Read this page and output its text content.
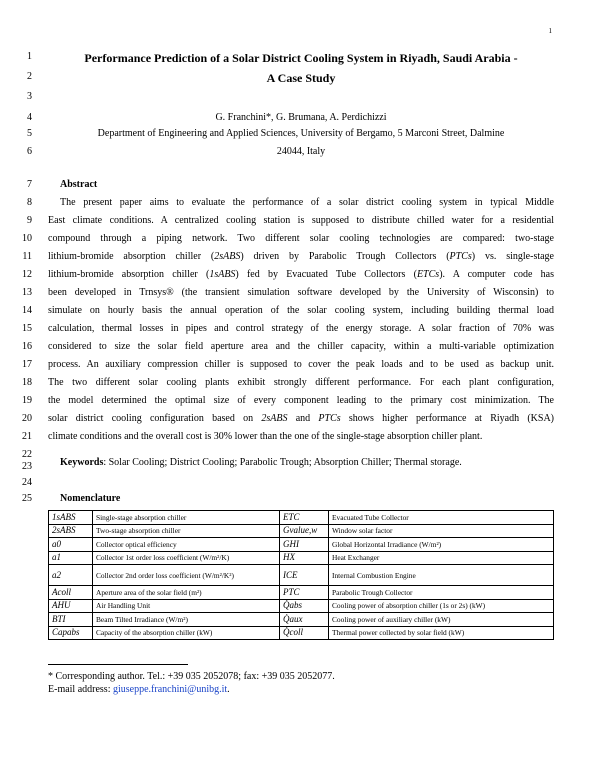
1
1
2
3
4
5
6
7
8
9
10
11
12
13
14
15
16
17
18
19
20
21
22
23
24
25
Performance Prediction of a Solar District Cooling System in Riyadh, Saudi Arabia -
A Case Study
G. Franchini*, G. Brumana, A. Perdichizzi
Department of Engineering and Applied Sciences, University of Bergamo, 5 Marconi Street, Dalmine
24044, Italy
Abstract
The present paper aims to evaluate the performance of a solar district cooling system in typical Middle
East climate conditions. A centralized cooling station is supposed to distribute chilled water for a residential
compound through a piping network. Two different solar cooling technologies are compared: two-stage
lithium-bromide absorption chiller (2sABS) driven by Parabolic Trough Collectors (PTCs) vs. single-stage
lithium-bromide absorption chiller (1sABS) fed by Evacuated Tube Collectors (ETCs). A computer code has
been developed in Trnsys® (the transient simulation software developed by the University of Wisconsin) to
simulate on hourly basis the annual operation of the solar cooling system, including building thermal load
calculation, thermal losses in pipes and control strategy of the energy storage. A solar fraction of 70% was
considered to size the solar field aperture area and the chiller capacity, within a multi-variable optimization
process. An auxiliary compression chiller is supposed to cover the peak loads and to be used as backup unit.
The two different solar cooling plants exhibit strongly different performance. For each plant configuration,
the model determined the optimal size of every component leading to the primary cost minimization. The
solar district cooling configuration based on 2sABS and PTCs shows higher performance at Riyadh (KSA)
climate conditions and the overall cost is 30% lower than the one of the single-stage absorption chiller plant.
Keywords: Solar Cooling; District Cooling; Parabolic Trough; Absorption Chiller; Thermal storage.
Nomenclature
1sABS	Single-stage absorption chiller	ETC	Evacuated Tube Collector
2sABS	Two-stage absorption chiller	Gvalue,w	Window solar factor
a0	Collector optical efficiency	GHI	Global Horizontal Irradiance (W/m²)
a1	Collector 1st order loss coefficient (W/m²/K)	HX	Heat Exchanger
a2	Collector 2nd order loss coefficient (W/m²/K²)	ICE	Internal Combustion Engine
Acoll	Aperture area of the solar field (m²)	PTC	Parabolic Trough Collector
AHU	Air Handling Unit	Q̇abs	Cooling power of absorption chiller (1s or 2s) (kW)
BTI	Beam Tilted Irradiance (W/m²)	Q̇aux	Cooling power of auxiliary chiller (kW)
Capabs	Capacity of the absorption chiller (kW)	Q̇coll	Thermal power collected by solar field (kW)
* Corresponding author. Tel.: +39 035 2052078; fax: +39 035 2052077.
E-mail address: giuseppe.franchini@unibg.it.
